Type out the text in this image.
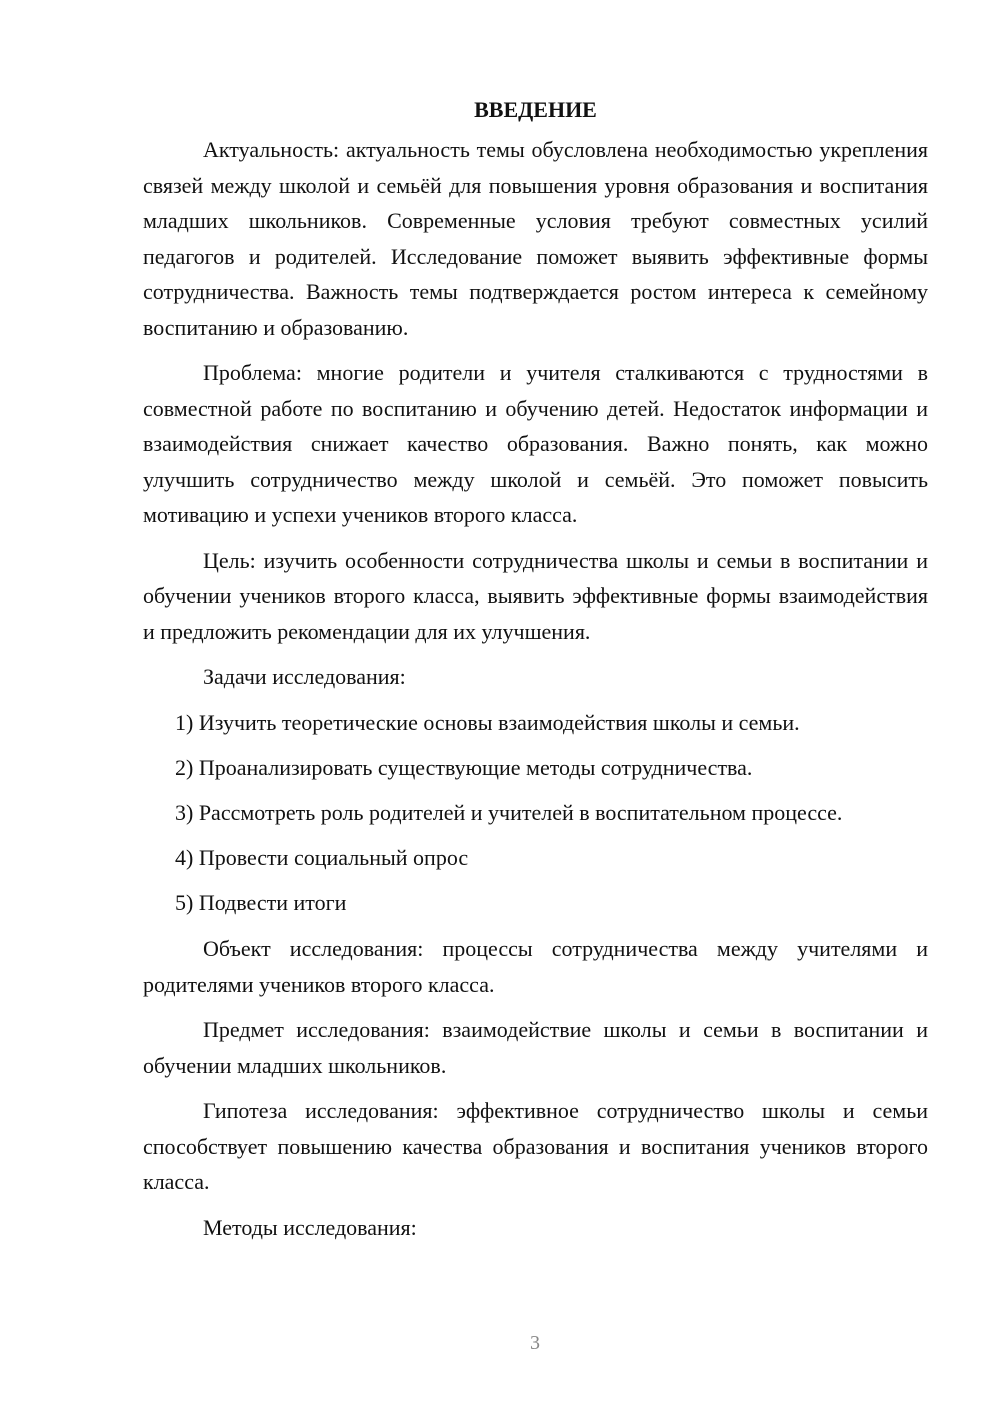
ВВЕДЕНИЕ

Актуальность: актуальность темы обусловлена необходимостью укрепления связей между школой и семьёй для повышения уровня образования и воспитания младших школьников. Современные условия требуют совместных усилий педагогов и родителей. Исследование поможет выявить эффективные формы сотрудничества. Важность темы подтверждается ростом интереса к семейному воспитанию и образованию.

Проблема: многие родители и учителя сталкиваются с трудностями в совместной работе по воспитанию и обучению детей. Недостаток информации и взаимодействия снижает качество образования. Важно понять, как можно улучшить сотрудничество между школой и семьёй. Это поможет повысить мотивацию и успехи учеников второго класса.

Цель: изучить особенности сотрудничества школы и семьи в воспитании и обучении учеников второго класса, выявить эффективные формы взаимодействия и предложить рекомендации для их улучшения.

Задачи исследования:

1) Изучить теоретические основы взаимодействия школы и семьи.
2) Проанализировать существующие методы сотрудничества.
3) Рассмотреть роль родителей и учителей в воспитательном процессе.
4) Провести социальный опрос
5) Подвести итоги

Объект исследования: процессы сотрудничества между учителями и родителями учеников второго класса.

Предмет исследования: взаимодействие школы и семьи в воспитании и обучении младших школьников.

Гипотеза исследования: эффективное сотрудничество школы и семьи способствует повышению качества образования и воспитания учеников второго класса.

Методы исследования:

3
